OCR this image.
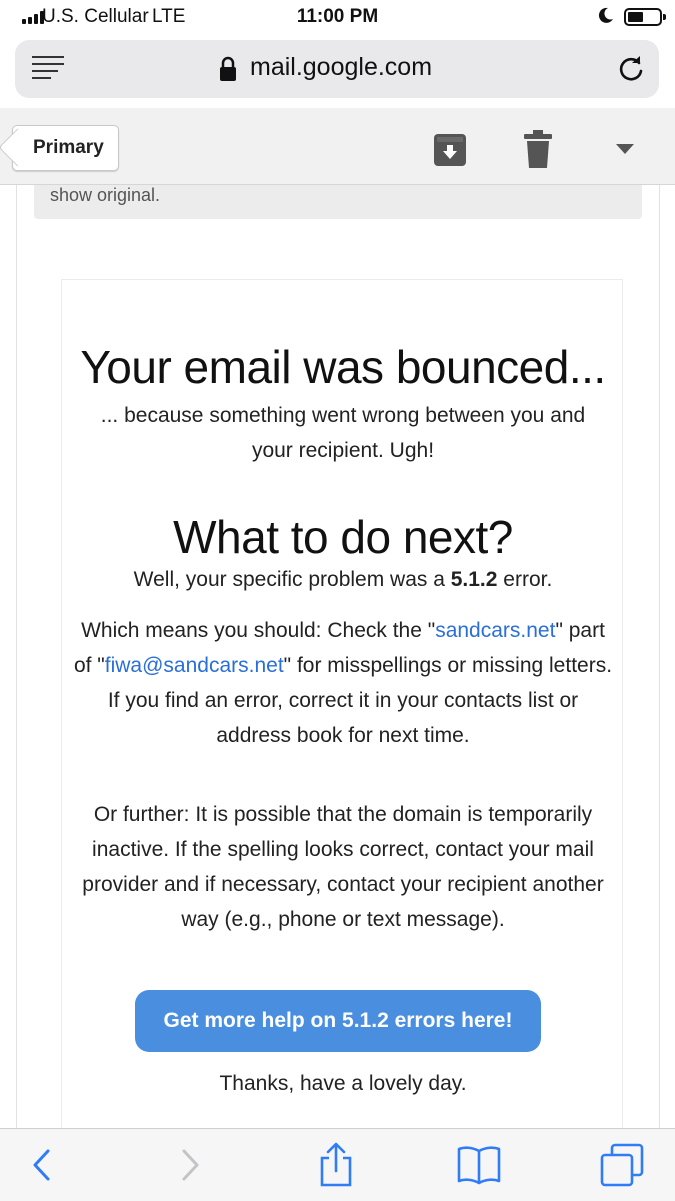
U.S. Cellular LTE	11:00 PM
mail.google.com
Primary
show original.
Your email was bounced...
... because something went wrong between you and your recipient. Ugh!
What to do next?
Well, your specific problem was a 5.1.2 error.
Which means you should: Check the "sandcars.net" part of "fiwa@sandcars.net" for misspellings or missing letters. If you find an error, correct it in your contacts list or address book for next time.
Or further: It is possible that the domain is temporarily inactive. If the spelling looks correct, contact your mail provider and if necessary, contact your recipient another way (e.g., phone or text message).
Get more help on 5.1.2 errors here!
Thanks, have a lovely day.
